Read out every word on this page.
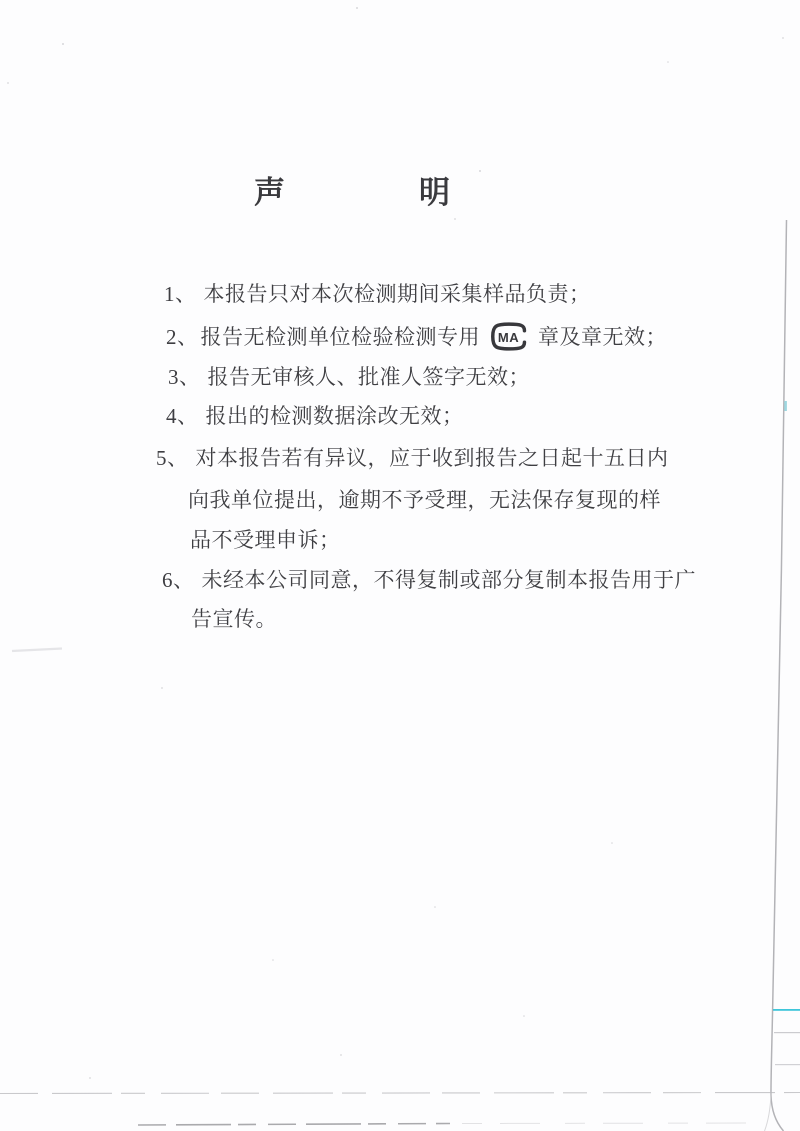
声	明
1、 本报告只对本次检测期间采集样品负责；
2、报告无检测单位检验检测专用 MA 章及章无效；
3、 报告无审核人、批准人签字无效；
4、 报出的检测数据涂改无效；
5、 对本报告若有异议，应于收到报告之日起十五日内
向我单位提出，逾期不予受理，无法保存复现的样
品不受理申诉；
6、 未经本公司同意，不得复制或部分复制本报告用于广
告宣传。
